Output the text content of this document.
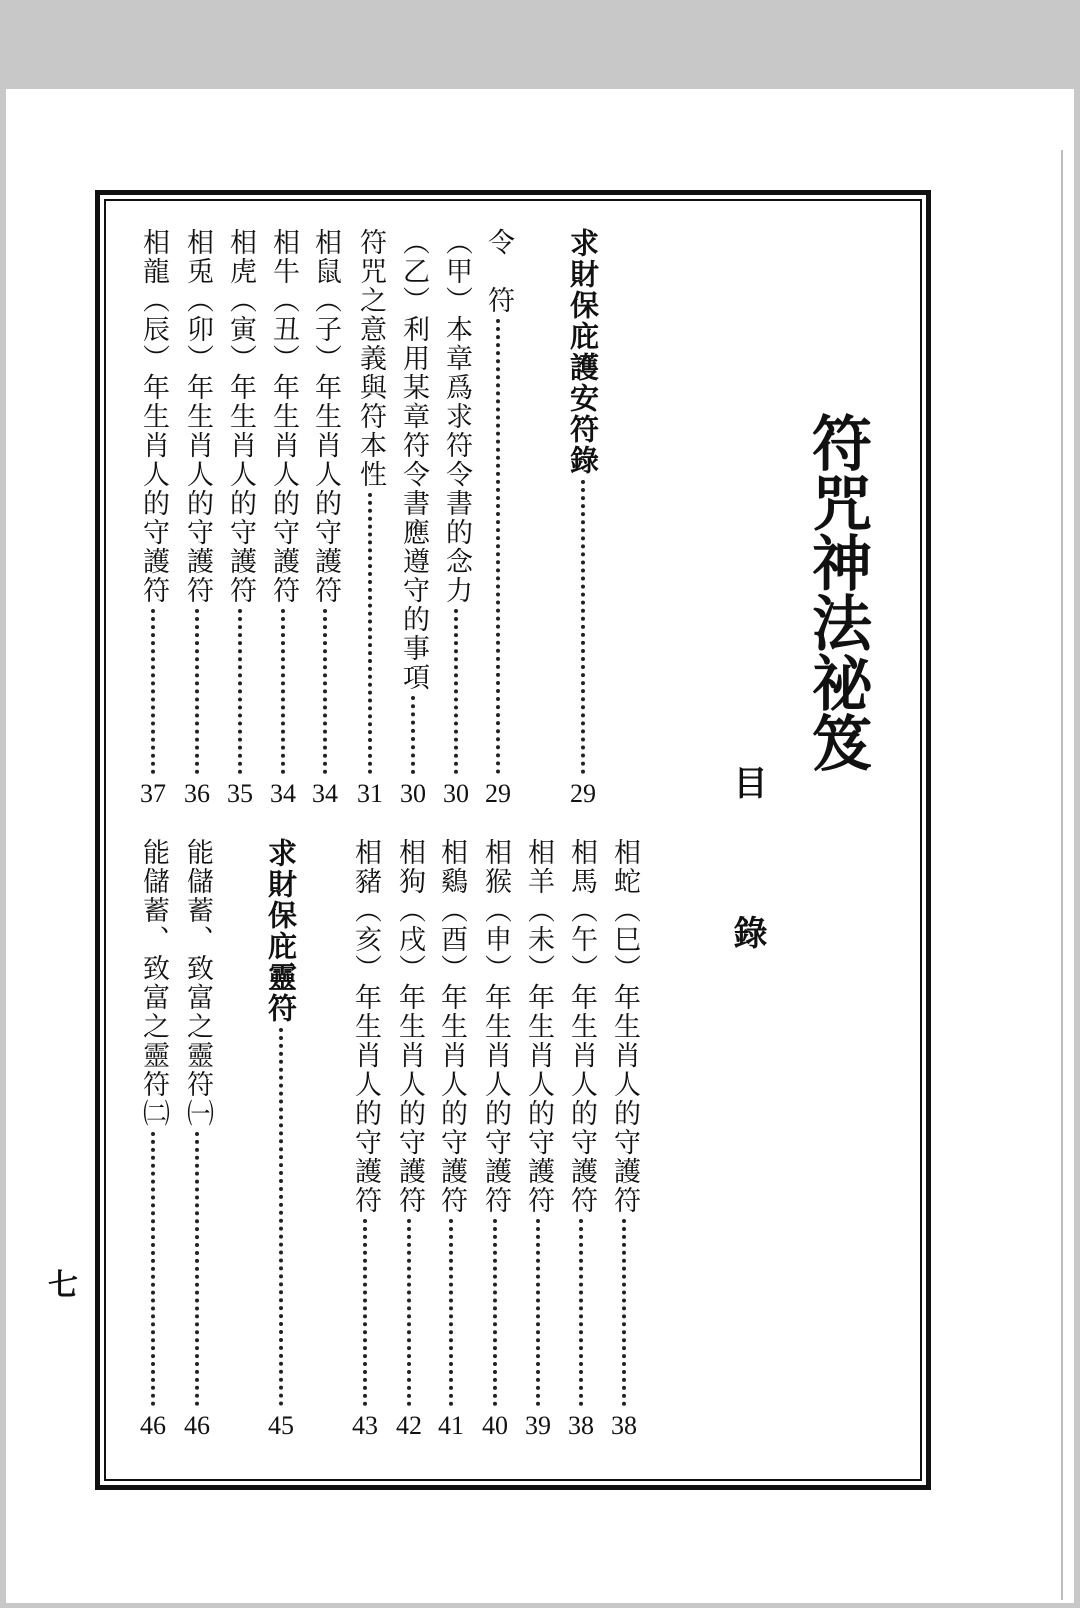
符咒神法祕笈
目 錄
求財保庇護安符錄
29
令　符
29
（甲）本章爲求符令書的念力
30
（乙）利用某章符令書應遵守的事項
30
符咒之意義與符本性
31
相鼠（子）年生肖人的守護符
34
相牛（丑）年生肖人的守護符
34
相虎（寅）年生肖人的守護符
35
相兎（卯）年生肖人的守護符
36
相龍（辰）年生肖人的守護符
37
相蛇（巳）年生肖人的守護符
38
相馬（午）年生肖人的守護符
38
相羊（未）年生肖人的守護符
39
相猴（申）年生肖人的守護符
40
相鷄（酉）年生肖人的守護符
41
相狗（戌）年生肖人的守護符
42
相豬（亥）年生肖人的守護符
43
求財保庇靈符
45
能儲蓄、致富之靈符㈠
46
能儲蓄、致富之靈符㈡
46
七
